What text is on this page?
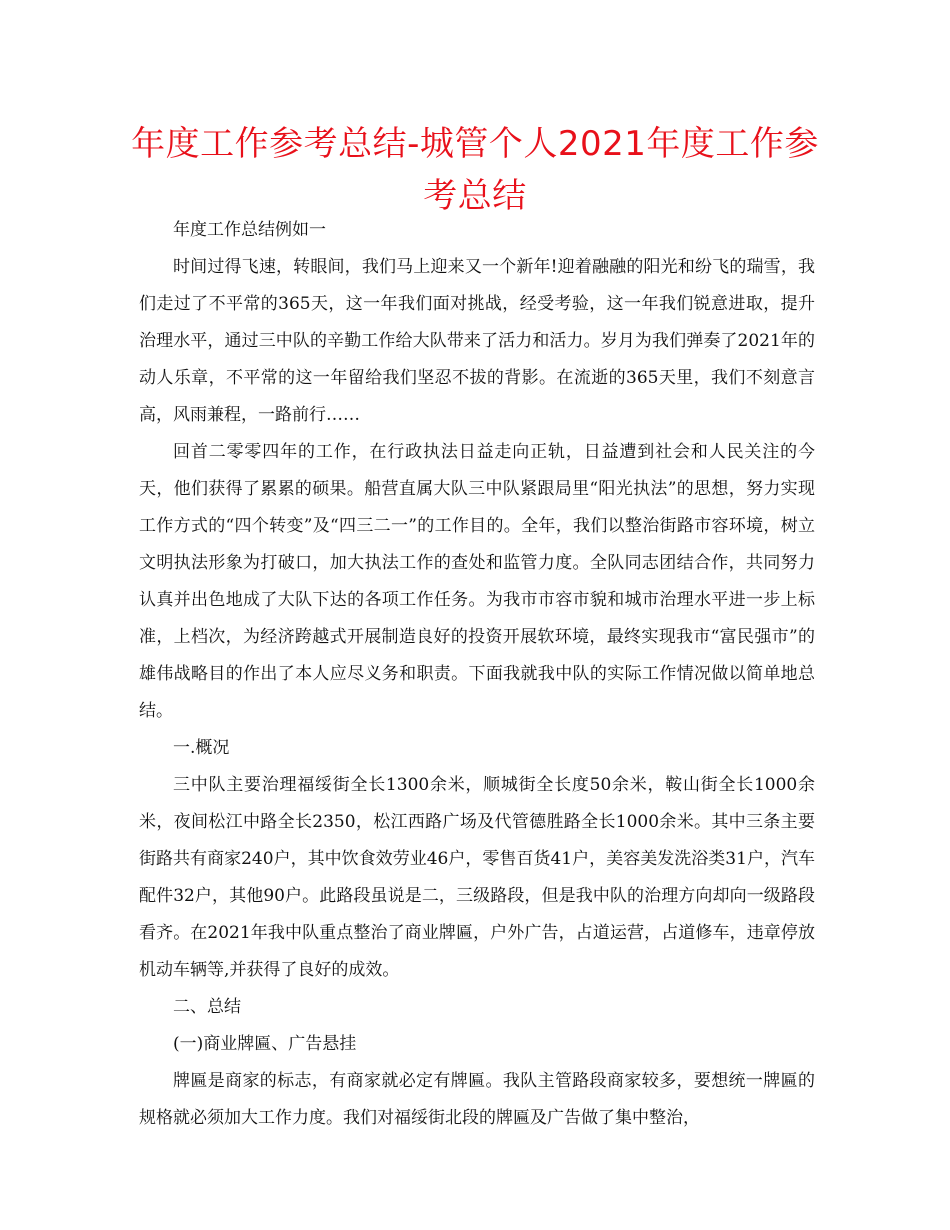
年度工作参考总结-城管个人2021年度工作参考总结

年度工作总结例如一

时间过得飞速，转眼间，我们马上迎来又一个新年!迎着融融的阳光和纷飞的瑞雪，我们走过了不平常的365天，这一年我们面对挑战，经受考验，这一年我们锐意进取，提升治理水平，通过三中队的辛勤工作给大队带来了活力和活力。岁月为我们弹奏了2021年的动人乐章，不平常的这一年留给我们坚忍不拔的背影。在流逝的365天里，我们不刻意言高，风雨兼程，一路前行……

回首二零零四年的工作，在行政执法日益走向正轨，日益遭到社会和人民关注的今天，他们获得了累累的硕果。船营直属大队三中队紧跟局里“阳光执法”的思想，努力实现工作方式的“四个转变”及“四三二一”的工作目的。全年，我们以整治街路市容环境，树立文明执法形象为打破口，加大执法工作的查处和监管力度。全队同志团结合作，共同努力认真并出色地成了大队下达的各项工作任务。为我市市容市貌和城市治理水平进一步上标准，上档次，为经济跨越式开展制造良好的投资开展软环境，最终实现我市“富民强市”的雄伟战略目的作出了本人应尽义务和职责。下面我就我中队的实际工作情况做以简单地总结。

一.概况

三中队主要治理福绥街全长1300余米，顺城街全长度50余米，鞍山街全长1000余米，夜间松江中路全长2350，松江西路广场及代管德胜路全长1000余米。其中三条主要街路共有商家240户，其中饮食效劳业46户，零售百货41户，美容美发洗浴类31户，汽车配件32户，其他90户。此路段虽说是二，三级路段，但是我中队的治理方向却向一级路段看齐。在2021年我中队重点整治了商业牌匾，户外广告，占道运营，占道修车，违章停放机动车辆等,并获得了良好的成效。

二、总结

(一)商业牌匾、广告悬挂

牌匾是商家的标志，有商家就必定有牌匾。我队主管路段商家较多，要想统一牌匾的规格就必须加大工作力度。我们对福绥街北段的牌匾及广告做了集中整治，
